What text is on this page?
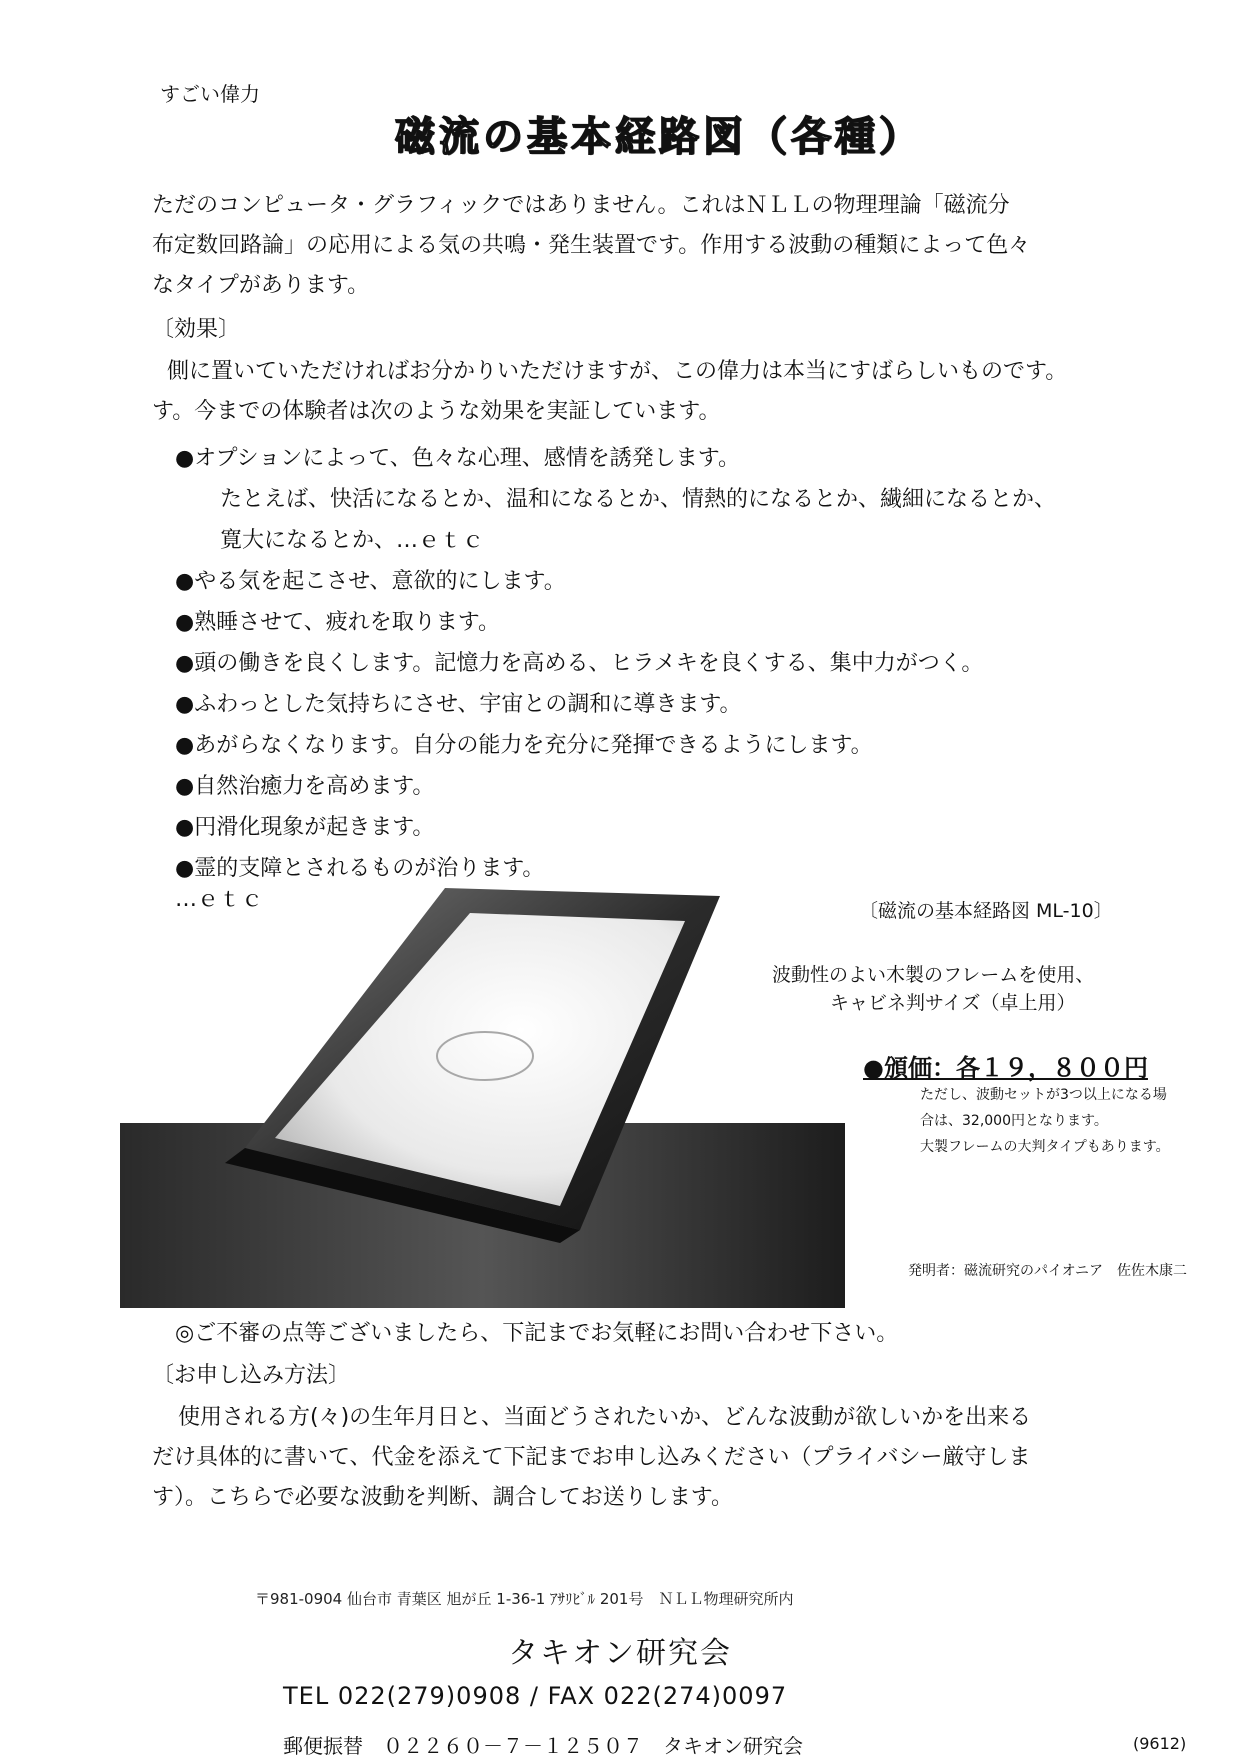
すごい偉力
磁流の基本経路図（各種）
ただのコンピュータ・グラフィックではありません。これはＮＬＬの物理理論「磁流分
布定数回路論」の応用による気の共鳴・発生装置です。作用する波動の種類によって色々
なタイプがあります。
〔効果〕
側に置いていただければお分かりいただけますが、この偉力は本当にすばらしいものです。
す。今までの体験者は次のような効果を実証しています。
●オプションによって、色々な心理、感情を誘発します。
たとえば、快活になるとか、温和になるとか、情熱的になるとか、繊細になるとか、
寛大になるとか、…ｅｔｃ
●やる気を起こさせ、意欲的にします。
●熟睡させて、疲れを取ります。
●頭の働きを良くします。記憶力を高める、ヒラメキを良くする、集中力がつく。
●ふわっとした気持ちにさせ、宇宙との調和に導きます。
●あがらなくなります。自分の能力を充分に発揮できるようにします。
●自然治癒力を高めます。
●円滑化現象が起きます。
●霊的支障とされるものが治ります。
…ｅｔｃ	〔磁流の基本経路図 ML-10〕
波動性のよい木製のフレームを使用、
キャビネ判サイズ（卓上用）
●頒価：各１９，８００円
ただし、波動セットが3つ以上になる場
合は、32,000円となります。
大製フレームの大判タイプもあります。
発明者：磁流研究のパイオニア　佐佐木康二
◎ご不審の点等ございましたら、下記までお気軽にお問い合わせ下さい。
〔お申し込み方法〕
使用される方(々)の生年月日と、当面どうされたいか、どんな波動が欲しいかを出来る
だけ具体的に書いて、代金を添えて下記までお申し込みください（プライバシー厳守しま
す）。こちらで必要な波動を判断、調合してお送りします。
〒981-0904 仙台市 青葉区 旭が丘 1-36-1 ｱｻﾘﾋﾞﾙ 201号　ＮＬＬ物理研究所内
タキオン研究会
TEL 022(279)0908 / FAX 022(274)0097
郵便振替　０２２６０－７－１２５０７　タキオン研究会	(9612)
